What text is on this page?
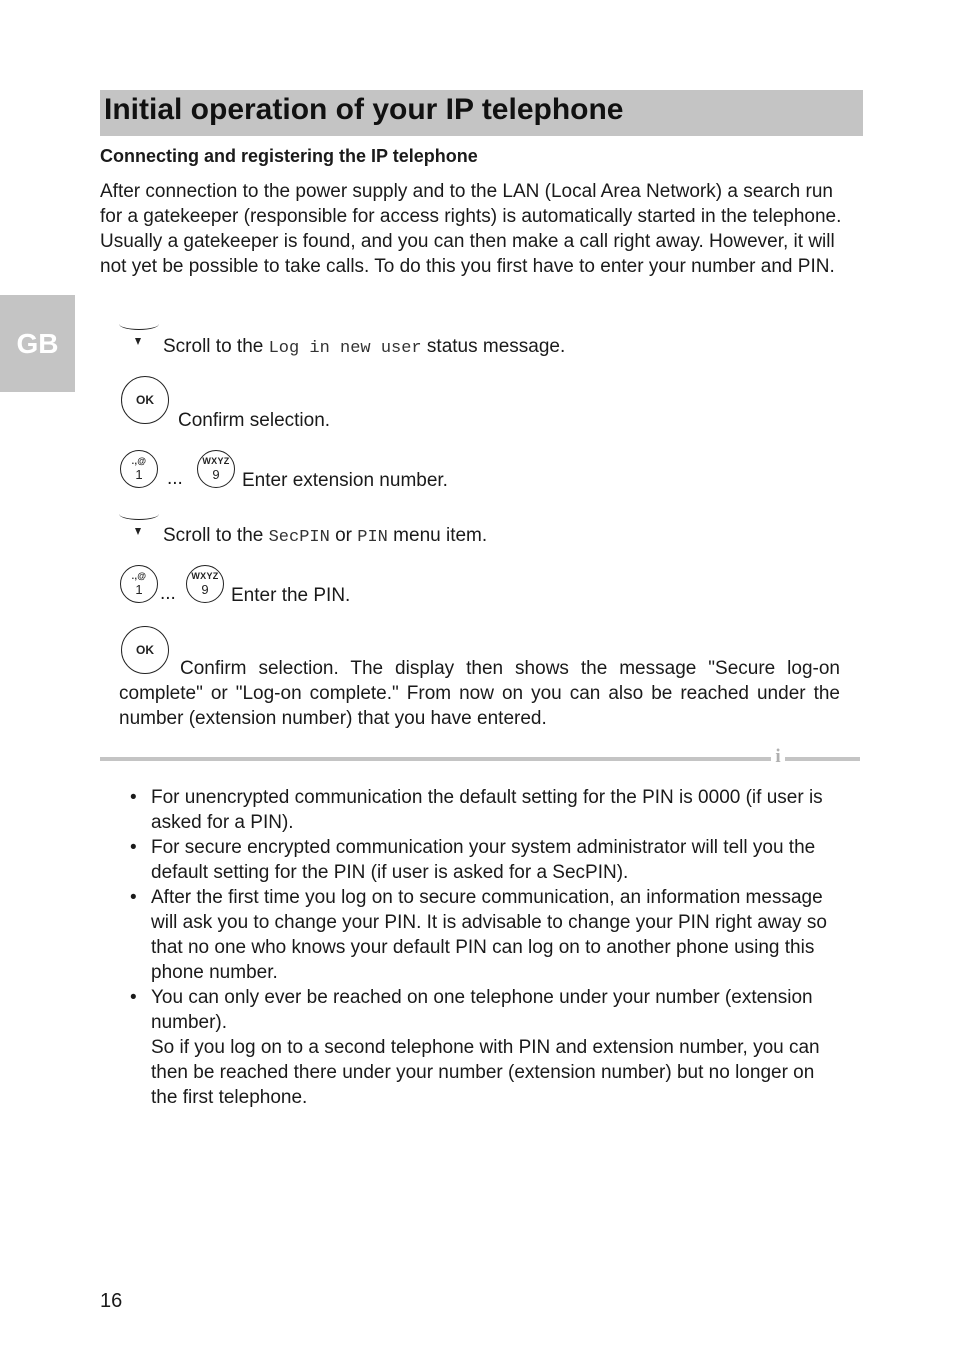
GB
Initial operation of your IP telephone

Connecting and registering the IP telephone

After connection to the power supply and to the LAN (Local Area Network) a search run for a gatekeeper (responsible for access rights) is automatically started in the telephone. Usually a gatekeeper is found, and you can then make a call right away. However, it will not yet be possible to take calls. To do this you first have to enter your number and PIN.

Scroll to the Log in new user status message.
OK
Confirm selection.
.,@
1 ...
WXYZ
9 Enter extension number.
Scroll to the SecPIN or PIN menu item.
.,@
1 ...
WXYZ
9 Enter the PIN.
OK

Confirm selection. The display then shows the message "Secure log-on complete" or "Log-on complete." From now on you can also be reached under the number (extension number) that you have entered.

i
• For unencrypted communication the default setting for the PIN is 0000 (if user is asked for a PIN).
• For secure encrypted communication your system administrator will tell you the default setting for the PIN (if user is asked for a SecPIN).
• After the first time you log on to secure communication, an information message will ask you to change your PIN. It is advisable to change your PIN right away so that no one who knows your default PIN can log on to another phone using this phone number.
• You can only ever be reached on one telephone under your number (extension number).
So if you log on to a second telephone with PIN and extension number, you can then be reached there under your number (extension number) but no longer on the first telephone.
16
